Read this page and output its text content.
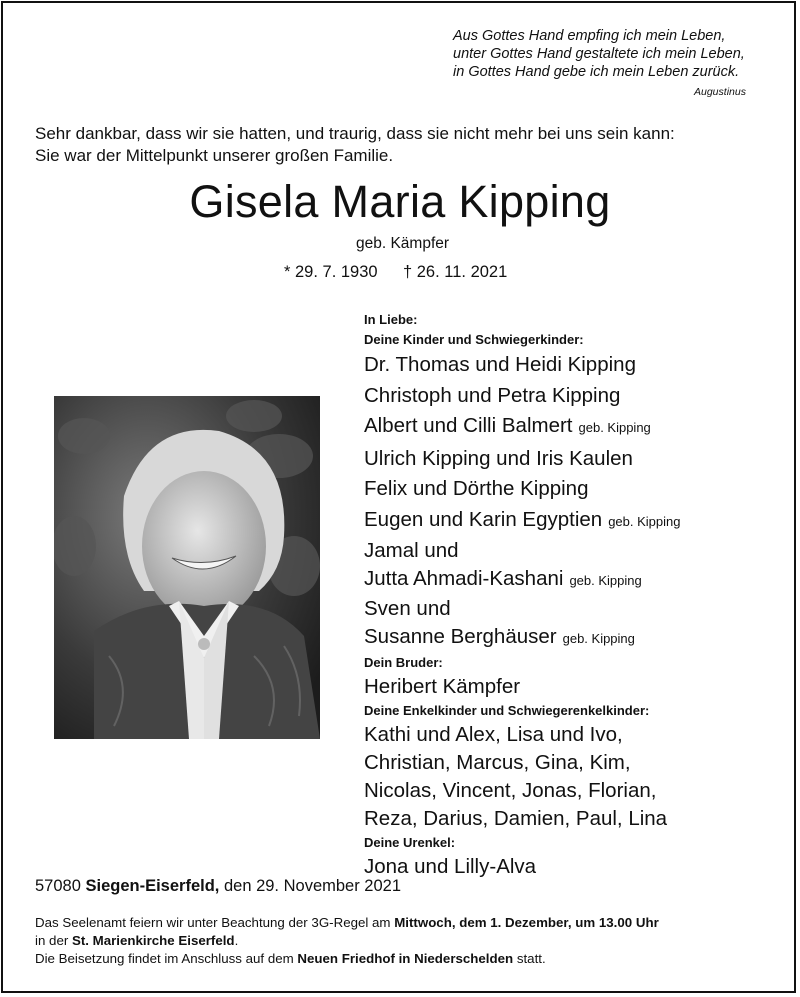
Aus Gottes Hand empfing ich mein Leben,
unter Gottes Hand gestaltete ich mein Leben,
in Gottes Hand gebe ich mein Leben zurück.
Augustinus
Sehr dankbar, dass wir sie hatten, und traurig, dass sie nicht mehr bei uns sein kann:
Sie war der Mittelpunkt unserer großen Familie.
Gisela Maria Kipping
geb. Kämpfer
* 29. 7. 1930 † 26. 11. 2021
In Liebe:
Deine Kinder und Schwiegerkinder:
Dr. Thomas und Heidi Kipping
Christoph und Petra Kipping
Albert und Cilli Balmert geb. Kipping
Ulrich Kipping und Iris Kaulen
Felix und Dörthe Kipping
Eugen und Karin Egyptien geb. Kipping
Jamal und
Jutta Ahmadi-Kashani geb. Kipping
Sven und
Susanne Berghäuser geb. Kipping
Dein Bruder:
Heribert Kämpfer
Deine Enkelkinder und Schwiegerenkelkinder:
Kathi und Alex, Lisa und Ivo,
Christian, Marcus, Gina, Kim,
Nicolas, Vincent, Jonas, Florian,
Reza, Darius, Damien, Paul, Lina
Deine Urenkel:
Jona und Lilly-Alva
57080 Siegen-Eiserfeld, den 29. November 2021
Das Seelenamt feiern wir unter Beachtung der 3G-Regel am Mittwoch, dem 1. Dezember, um 13.00 Uhr
in der St. Marienkirche Eiserfeld.
Die Beisetzung findet im Anschluss auf dem Neuen Friedhof in Niederschelden statt.
